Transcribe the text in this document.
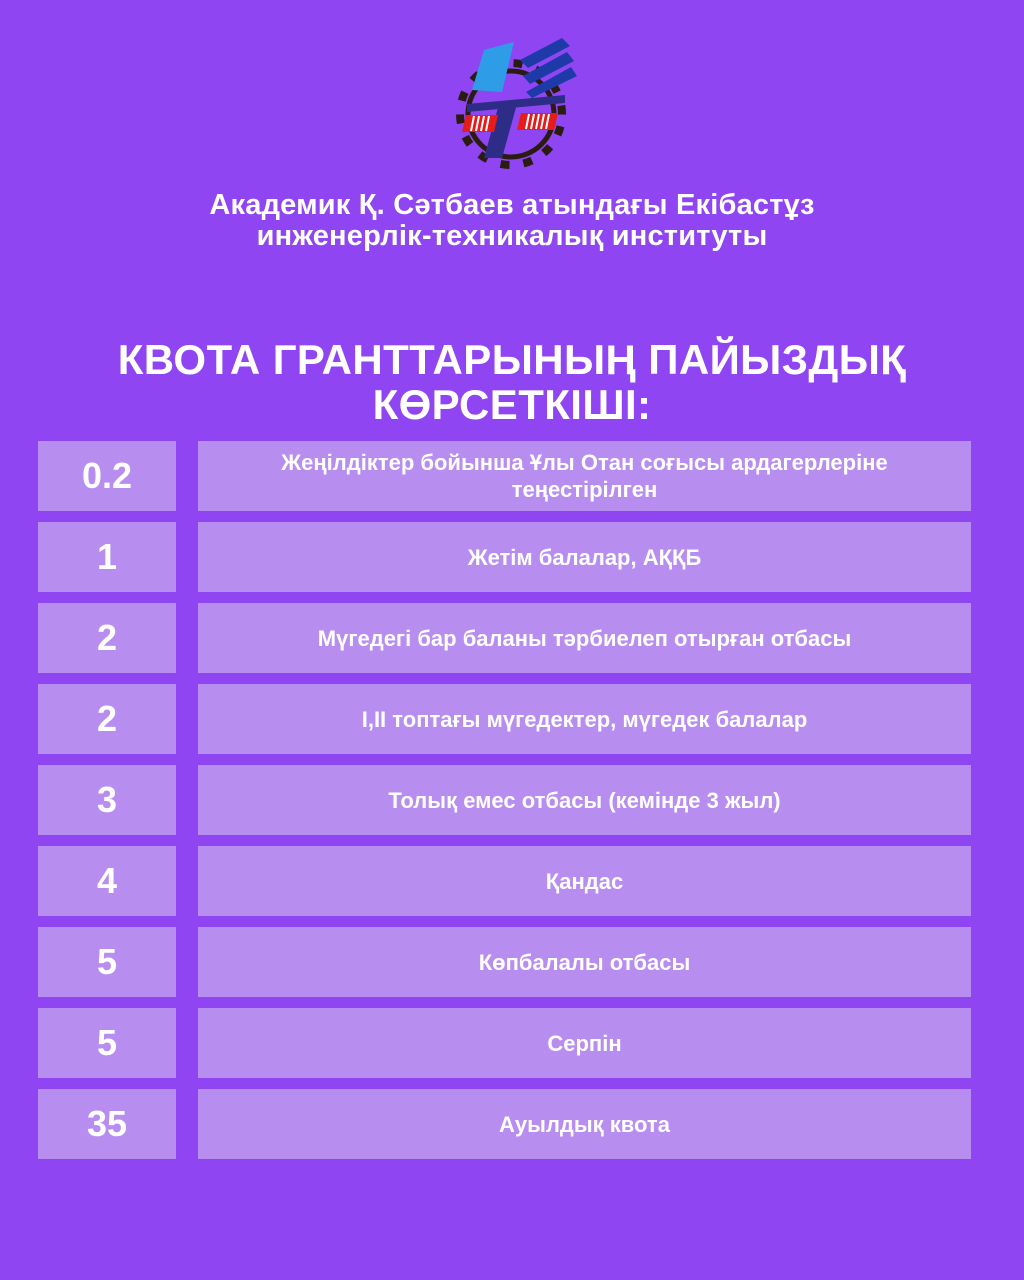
Академик Қ. Сәтбаев атындағы Екібастұз
инженерлік-техникалық институты
КВОТА ГРАНТТАРЫНЫҢ ПАЙЫЗДЫҚ
КӨРСЕТКІШІ:
0.2	Жеңілдіктер бойынша Ұлы Отан соғысы ардагерлеріне теңестірілген
1	Жетім балалар, АҚҚБ
2	Мүгедегі бар баланы тәрбиелеп отырған отбасы
2	I,II топтағы мүгедектер, мүгедек балалар
3	Толық емес отбасы (кемінде 3 жыл)
4	Қандас
5	Көпбалалы отбасы
5	Серпін
35	Ауылдық квота
